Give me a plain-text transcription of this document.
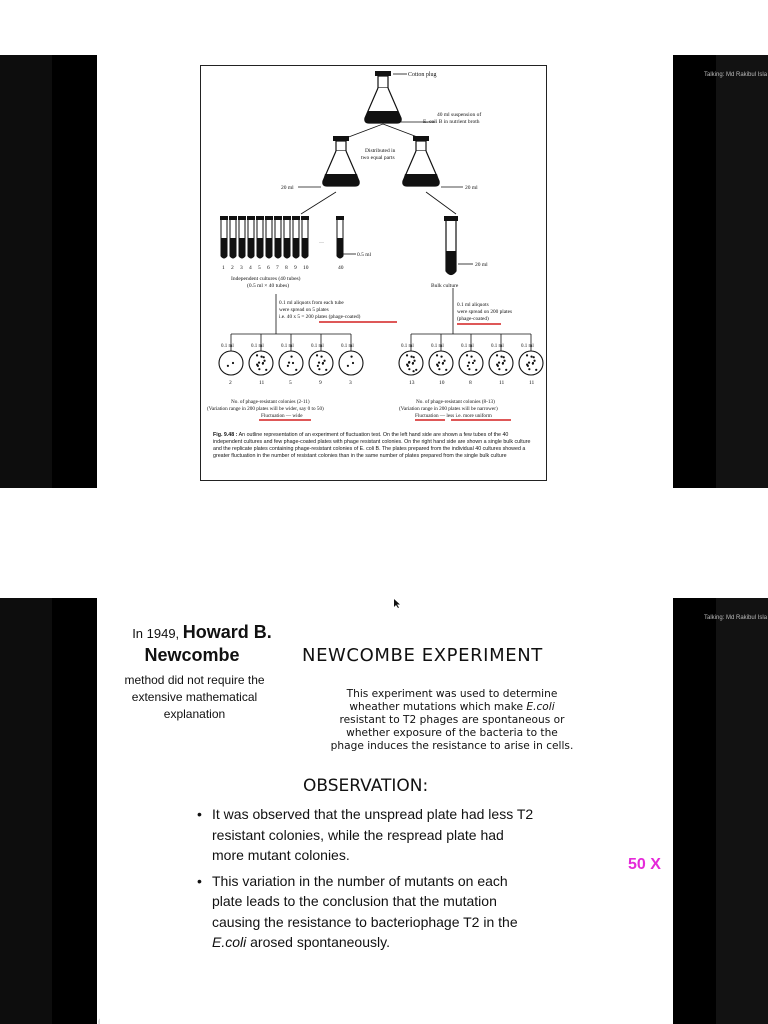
Cotton plug
40 ml suspension of
E. coli B in nutrient broth
Distributed in
two equal parts
20 ml	20 ml
.....
0.5 ml
1 2 3 4 5 6 7 8 9 10	40	20 ml
Independent cultures (40 tubes)
(0.5 ml × 40 tubes)	Bulk culture
0.1 ml aliquots from each tube
were spread on 5 plates
i.e. 40 x 5 = 200 plates (phage-coated)
0.1 ml aliquots
were spread on 200 plates
(phage-coated)
0.1 ml
2
0.1 ml
11
0.1 ml
5
0.1 ml
9
0.1 ml
3
0.1 ml
13
0.1 ml
10
0.1 ml
8
0.1 ml
11
0.1 ml
11
No. of phage-resistant colonies (2-11)
(Variation range in 200 plates will be wider, say 0 to 50)
Fluctuation — wide
No. of phage-resistant colonies (8-13)
(Variation range in 200 plates will be narrower)
Fluctuation — less i.e. more uniform
Fig. 9.48 : An outline representation of an experiment of fluctuation test. On the left hand side are shown a few tubes of the 40 independent cultures and few phage-coated plates with phage resistant colonies. On the right hand side are shown a single bulk culture and the replicate plates containing phage-resistant colonies of E. coli B. The plates prepared from the individual 40 cultures showed a greater fluctuation in the number of resistant colonies than in the same number of plates prepared from the single bulk culture
Talking: Md Rakibul Isla
In 1949, Howard B.
Newcombe
method did not require the
extensive mathematical
explanation
NEWCOMBE EXPERIMENT
This experiment was used to determine
wheather mutations which make E.coli
resistant to T2 phages are spontaneous or
whether exposure of the bacteria to the
phage induces the resistance to arise in cells.
OBSERVATION:
• It was observed that the unspread plate had less T2 resistant colonies, while the respread plate had more mutant colonies.
• This variation in the number of mutants on each plate leads to the conclusion that the mutation causing the resistance to bacteriophage T2 in the E.coli arosed spontaneously.
50 X
Talking: Md Rakibul Isla
